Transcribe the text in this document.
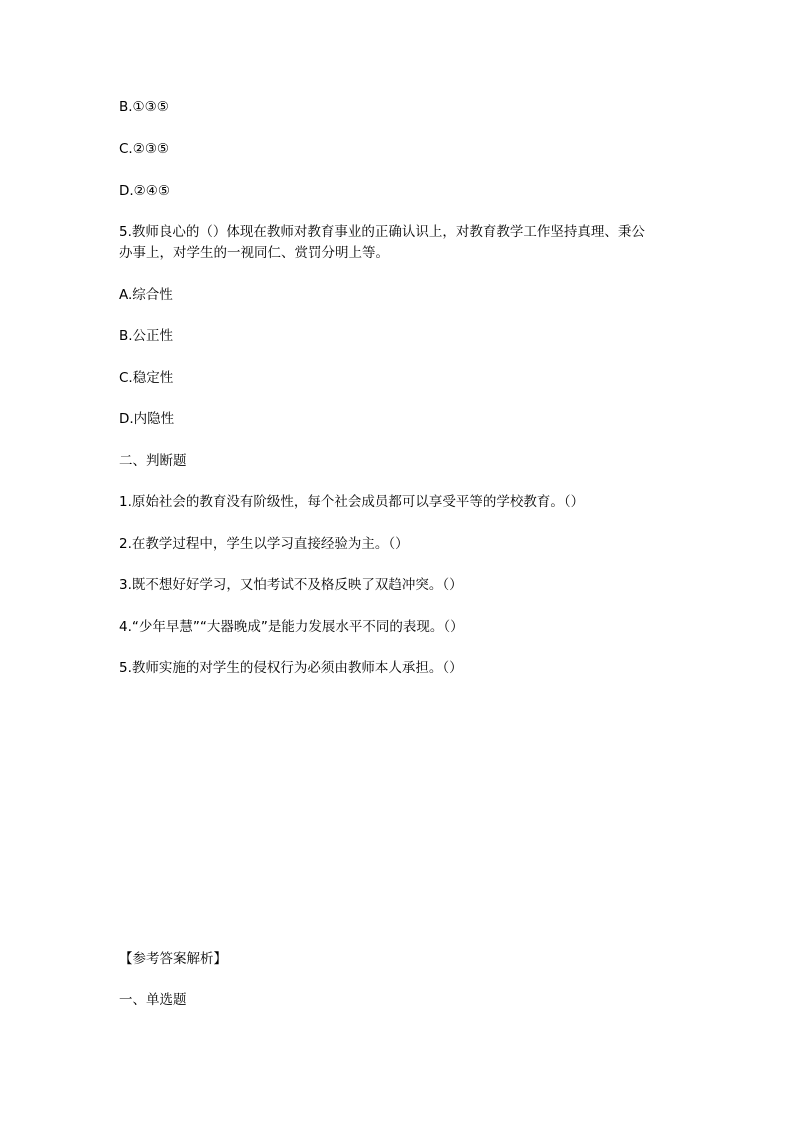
B.①③⑤
C.②③⑤
D.②④⑤
5.教师良心的（）体现在教师对教育事业的正确认识上，对教育教学工作坚持真理、秉公
办事上，对学生的一视同仁、赏罚分明上等。
A.综合性
B.公正性
C.稳定性
D.内隐性
二、判断题
1.原始社会的教育没有阶级性，每个社会成员都可以享受平等的学校教育。（）
2.在教学过程中，学生以学习直接经验为主。（）
3.既不想好好学习，又怕考试不及格反映了双趋冲突。（）
4.“少年早慧”“大器晚成”是能力发展水平不同的表现。（）
5.教师实施的对学生的侵权行为必须由教师本人承担。（）
【参考答案解析】
一、单选题
